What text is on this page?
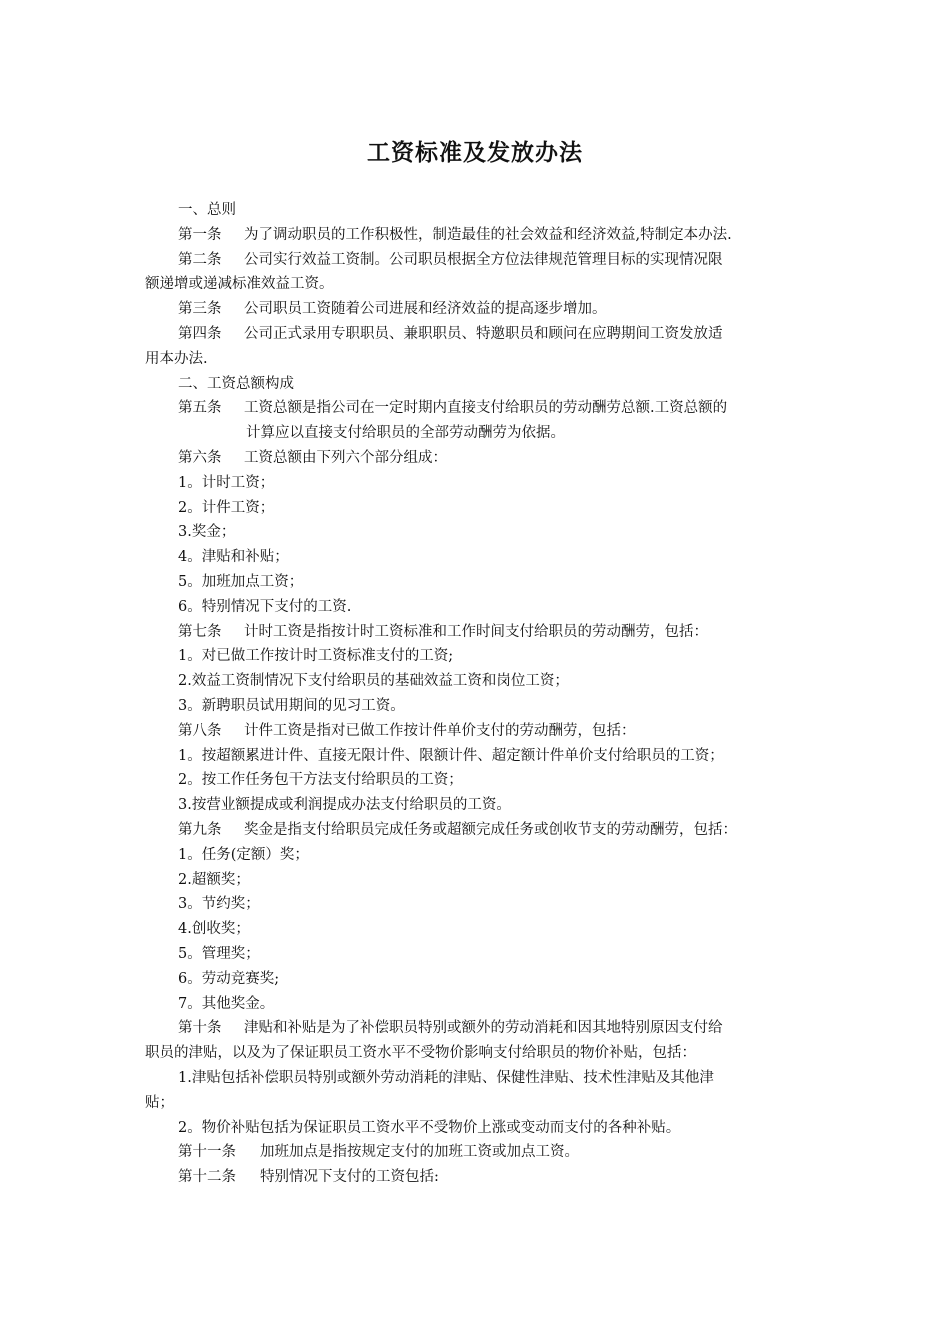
工资标准及发放办法
一、总则
第一条 为了调动职员的工作积极性，制造最佳的社会效益和经济效益,特制定本办法.
第二条 公司实行效益工资制。公司职员根据全方位法律规范管理目标的实现情况限
额递增或递减标准效益工资。
第三条 公司职员工资随着公司进展和经济效益的提高逐步增加。
第四条 公司正式录用专职职员、兼职职员、特邀职员和顾问在应聘期间工资发放适
用本办法.
二、工资总额构成
第五条 工资总额是指公司在一定时期内直接支付给职员的劳动酬劳总额.工资总额的
计算应以直接支付给职员的全部劳动酬劳为依据。
第六条 工资总额由下列六个部分组成：
1。计时工资；
2。计件工资；
3.奖金；
4。津贴和补贴；
5。加班加点工资；
6。特别情况下支付的工资.
第七条 计时工资是指按计时工资标准和工作时间支付给职员的劳动酬劳，包括：
1。对已做工作按计时工资标准支付的工资;
2.效益工资制情况下支付给职员的基础效益工资和岗位工资；
3。新聘职员试用期间的见习工资。
第八条 计件工资是指对已做工作按计件单价支付的劳动酬劳，包括：
1。按超额累进计件、直接无限计件、限额计件、超定额计件单价支付给职员的工资；
2。按工作任务包干方法支付给职员的工资；
3.按营业额提成或利润提成办法支付给职员的工资。
第九条 奖金是指支付给职员完成任务或超额完成任务或创收节支的劳动酬劳，包括：
1。任务(定额）奖；
2.超额奖；
3。节约奖；
4.创收奖；
5。管理奖；
6。劳动竞赛奖;
7。其他奖金。
第十条 津贴和补贴是为了补偿职员特别或额外的劳动消耗和因其地特别原因支付给
职员的津贴，以及为了保证职员工资水平不受物价影响支付给职员的物价补贴，包括：
1.津贴包括补偿职员特别或额外劳动消耗的津贴、保健性津贴、技术性津贴及其他津
贴；
2。物价补贴包括为保证职员工资水平不受物价上涨或变动而支付的各种补贴。
第十一条 加班加点是指按规定支付的加班工资或加点工资。
第十二条 特别情况下支付的工资包括:
